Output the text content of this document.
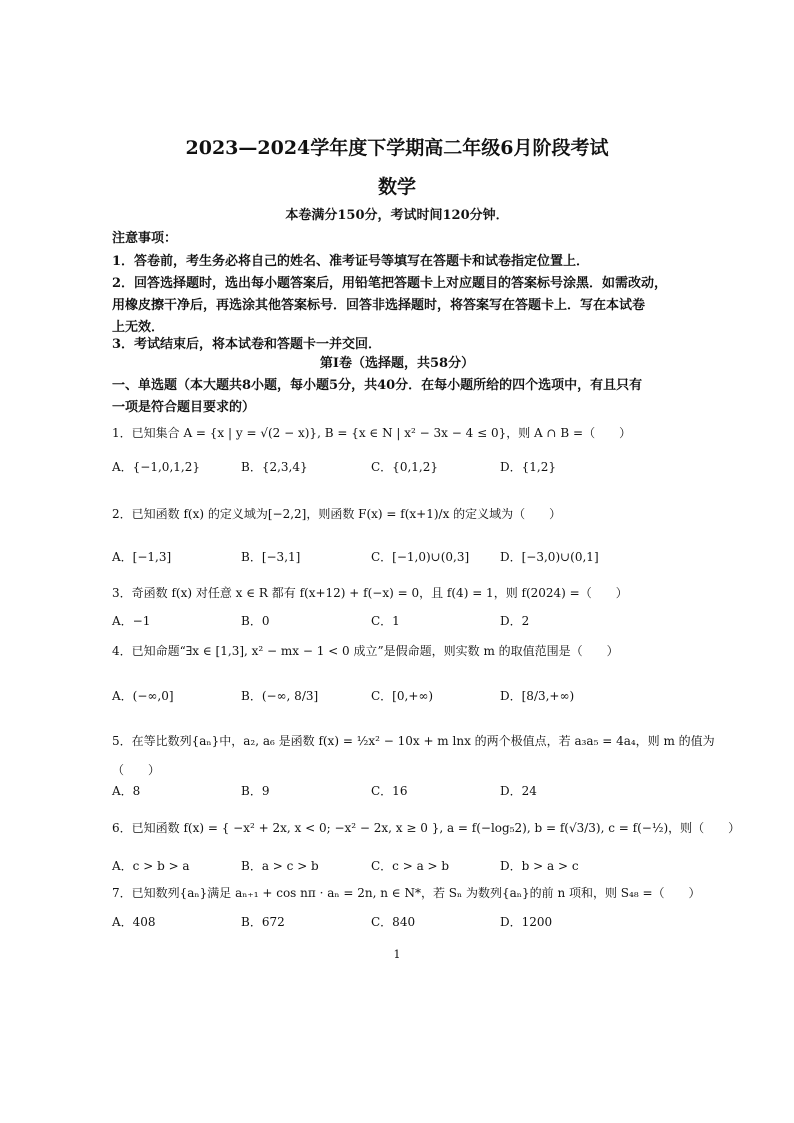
2023—2024学年度下学期高二年级6月阶段考试
数学
本卷满分150分，考试时间120分钟．
注意事项：
1．答卷前，考生务必将自己的姓名、准考证号等填写在答题卡和试卷指定位置上．
2．回答选择题时，选出每小题答案后，用铅笔把答题卡上对应题目的答案标号涂黑．如需改动，
用橡皮擦干净后，再选涂其他答案标号．回答非选择题时，将答案写在答题卡上．写在本试卷
上无效．
3．考试结束后，将本试卷和答题卡一并交回．
第Ⅰ卷（选择题，共58分）
一、单选题（本大题共8小题，每小题5分，共40分．在每小题所给的四个选项中，有且只有
一项是符合题目要求的）
1．已知集合 A = {x | y = √(2 − x)}, B = {x ∈ N | x² − 3x − 4 ≤ 0}，则 A ∩ B =（　　）
A．{−1,0,1,2}	B．{2,3,4}	C．{0,1,2}	D．{1,2}
2．已知函数 f(x) 的定义域为[−2,2]，则函数 F(x) = f(x+1)/x 的定义域为（　　）
A．[−1,3]	B．[−3,1]	C．[−1,0)∪(0,3]	D．[−3,0)∪(0,1]
3．奇函数 f(x) 对任意 x ∈ R 都有 f(x+12) + f(−x) = 0，且 f(4) = 1，则 f(2024) =（　　）
A．−1	B．0	C．1	D．2
4．已知命题“∃x ∈ [1,3], x² − mx − 1 < 0 成立”是假命题，则实数 m 的取值范围是（　　）
A．(−∞,0]	B．(−∞, 8/3]	C．[0,+∞)	D．[8/3,+∞)
5．在等比数列{aₙ}中，a₂, a₆ 是函数 f(x) = ½x² − 10x + m lnx 的两个极值点，若 a₃a₅ = 4a₄，则 m 的值为
（　　）
A．8	B．9	C．16	D．24
6．已知函数 f(x) = { −x² + 2x, x < 0; −x² − 2x, x ≥ 0 }, a = f(−log₅2), b = f(√3/3), c = f(−½)，则（　　）
A．c > b > a	B．a > c > b	C．c > a > b	D．b > a > c
7．已知数列{aₙ}满足 aₙ₊₁ + cos nπ · aₙ = 2n, n ∈ N*，若 Sₙ 为数列{aₙ}的前 n 项和，则 S₄₈ =（　　）
A．408	B．672	C．840	D．1200
1
